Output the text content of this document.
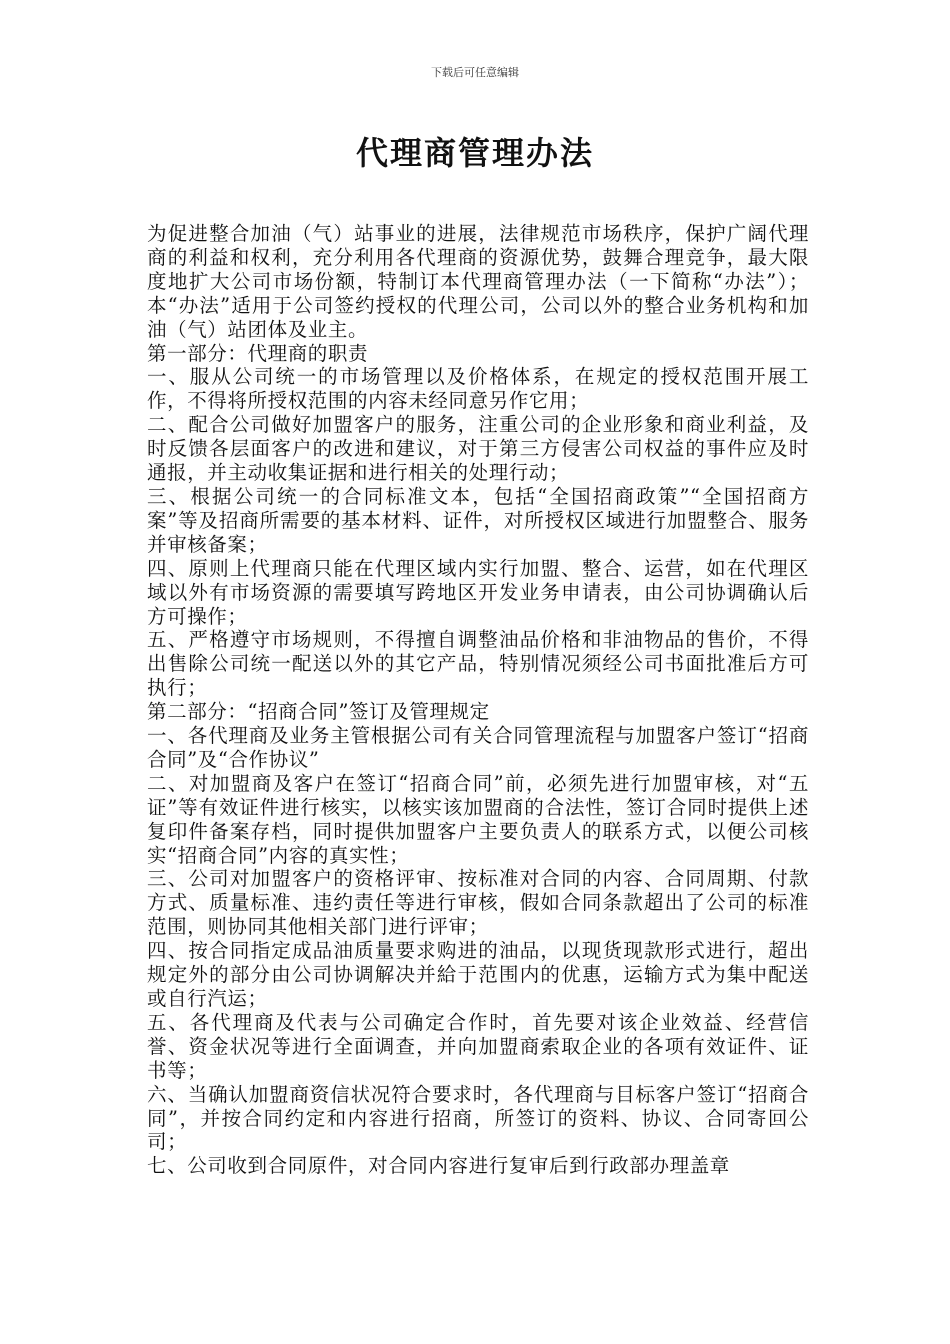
下载后可任意编辑
代理商管理办法

为促进整合加油（气）站事业的进展，法律规范市场秩序，保护广阔代理商的利益和权利，充分利用各代理商的资源优势，鼓舞合理竞争，最大限度地扩大公司市场份额，特制订本代理商管理办法（一下简称“办法”）；本“办法”适用于公司签约授权的代理公司，公司以外的整合业务机构和加油（气）站团体及业主。

第一部分：代理商的职责

一、服从公司统一的市场管理以及价格体系，在规定的授权范围开展工作，不得将所授权范围的内容未经同意另作它用；

二、配合公司做好加盟客户的服务，注重公司的企业形象和商业利益，及时反馈各层面客户的改进和建议，对于第三方侵害公司权益的事件应及时通报，并主动收集证据和进行相关的处理行动；

三、根据公司统一的合同标准文本，包括“全国招商政策”“全国招商方案”等及招商所需要的基本材料、证件，对所授权区域进行加盟整合、服务并审核备案；

四、原则上代理商只能在代理区域内实行加盟、整合、运营，如在代理区域以外有市场资源的需要填写跨地区开发业务申请表，由公司协调确认后方可操作；

五、严格遵守市场规则，不得擅自调整油品价格和非油物品的售价，不得出售除公司统一配送以外的其它产品，特别情况须经公司书面批准后方可执行；

第二部分：“招商合同”签订及管理规定

一、各代理商及业务主管根据公司有关合同管理流程与加盟客户签订“招商合同”及“合作协议”

二、对加盟商及客户在签订“招商合同”前，必须先进行加盟审核，对“五证”等有效证件进行核实，以核实该加盟商的合法性，签订合同时提供上述复印件备案存档，同时提供加盟客户主要负责人的联系方式，以便公司核实“招商合同”内容的真实性；

三、公司对加盟客户的资格评审、按标准对合同的内容、合同周期、付款方式、质量标准、违约责任等进行审核，假如合同条款超出了公司的标准范围，则协同其他相关部门进行评审；

四、按合同指定成品油质量要求购进的油品，以现货现款形式进行，超出规定外的部分由公司协调解决并給于范围内的优惠，运输方式为集中配送或自行汽运；

五、各代理商及代表与公司确定合作时，首先要对该企业效益、经营信誉、资金状况等进行全面调查，并向加盟商索取企业的各项有效证件、证书等；

六、当确认加盟商资信状况符合要求时，各代理商与目标客户签订“招商合同”，并按合同约定和内容进行招商，所签订的资料、协议、合同寄回公司；

七、公司收到合同原件，对合同内容进行复审后到行政部办理盖章
